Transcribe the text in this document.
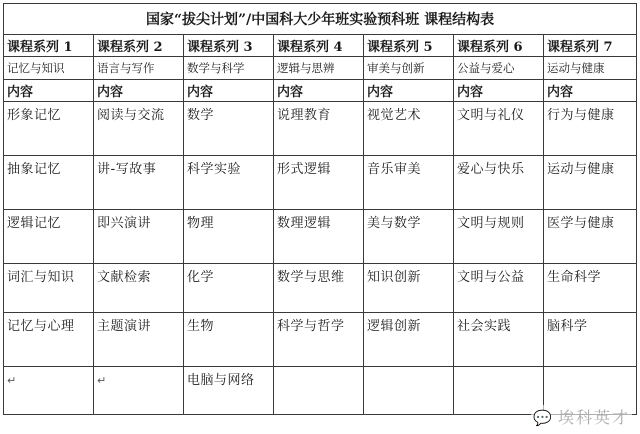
国家“拔尖计划”/中国科大少年班实验预科班 课程结构表						
课程系列 1	课程系列 2	课程系列 3	课程系列 4	课程系列 5	课程系列 6	课程系列 7
记忆与知识	语言与写作	数学与科学	逻辑与思辨	审美与创新	公益与爱心	运动与健康
内容	内容	内容	内容	内容	内容	内容
形象记忆	阅读与交流	数学	说理教育	视觉艺术	文明与礼仪	行为与健康
抽象记忆	讲-写故事	科学实验	形式逻辑	音乐审美	爱心与快乐	运动与健康
逻辑记忆	即兴演讲	物理	数理逻辑	美与数学	文明与规则	医学与健康
词汇与知识	文献检索	化学	数学与思维	知识创新	文明与公益	生命科学
记忆与心理	主题演讲	生物	科学与哲学	逻辑创新	社会实践	脑科学
↵	↵	电脑与网络				
💬 埃科英才
